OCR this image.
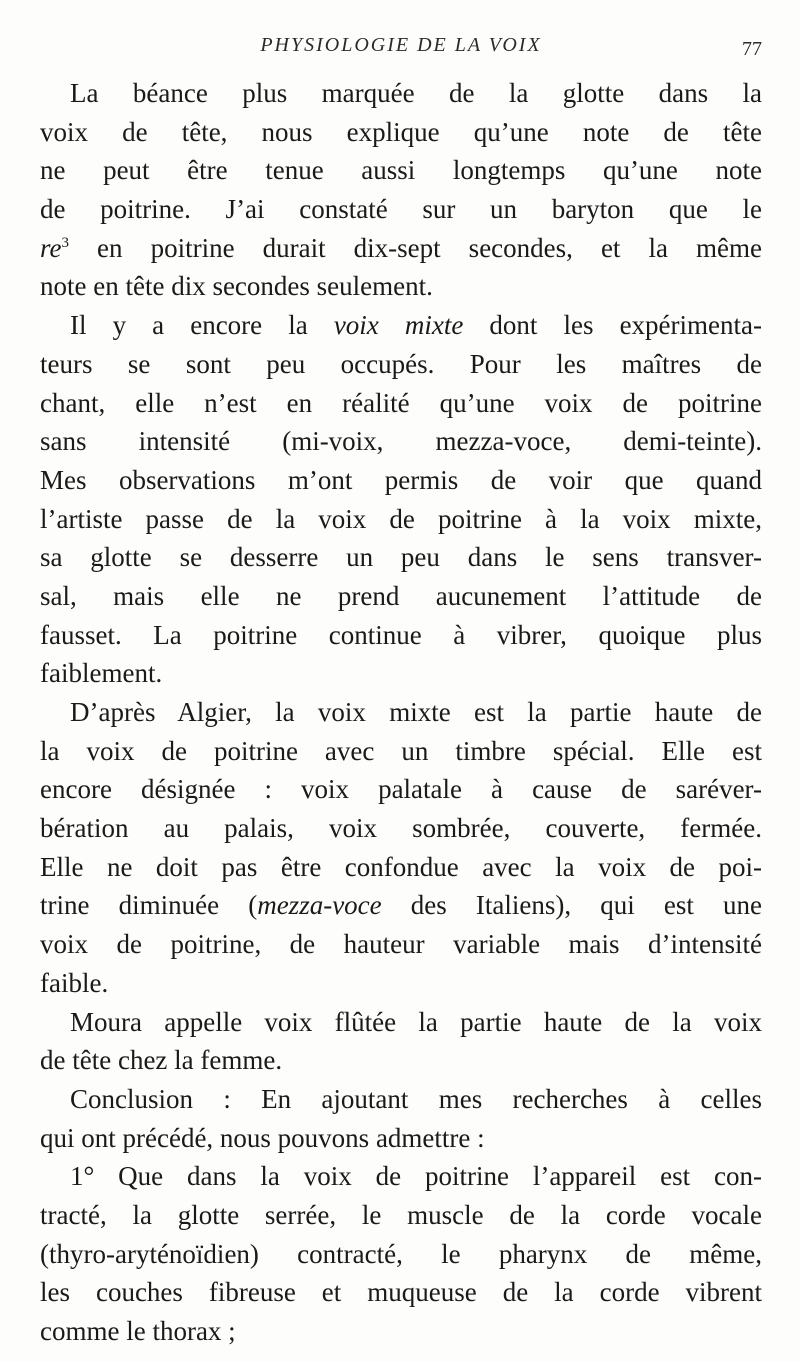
PHYSIOLOGIE DE LA VOIX	77
La béance plus marquée de la glotte dans la
voix de tête, nous explique qu’une note de tête
ne peut être tenue aussi longtemps qu’une note
de poitrine. J’ai constaté sur un baryton que le
$re^3$ en poitrine durait dix-sept secondes, et la même
note en tête dix secondes seulement.
Il y a encore la voix mixte dont les expérimenta-
teurs se sont peu occupés. Pour les maîtres de
chant, elle n’est en réalité qu’une voix de poitrine
sans intensité (mi-voix, mezza-voce, demi-teinte).
Mes observations m’ont permis de voir que quand
l’artiste passe de la voix de poitrine à la voix mixte,
sa glotte se desserre un peu dans le sens transver-
sal, mais elle ne prend aucunement l’attitude de
fausset. La poitrine continue à vibrer, quoique plus
faiblement.
D’après Algier, la voix mixte est la partie haute de
la voix de poitrine avec un timbre spécial. Elle est
encore désignée : voix palatale à cause de saréver-
bération au palais, voix sombrée, couverte, fermée.
Elle ne doit pas être confondue avec la voix de poi-
trine diminuée (mezza-voce des Italiens), qui est une
voix de poitrine, de hauteur variable mais d’intensité
faible.
Moura appelle voix flûtée la partie haute de la voix
de tête chez la femme.
Conclusion : En ajoutant mes recherches à celles
qui ont précédé, nous pouvons admettre :
1° Que dans la voix de poitrine l’appareil est con-
tracté, la glotte serrée, le muscle de la corde vocale
(thyro-aryténoïdien) contracté, le pharynx de même,
les couches fibreuse et muqueuse de la corde vibrent
comme le thorax ;
